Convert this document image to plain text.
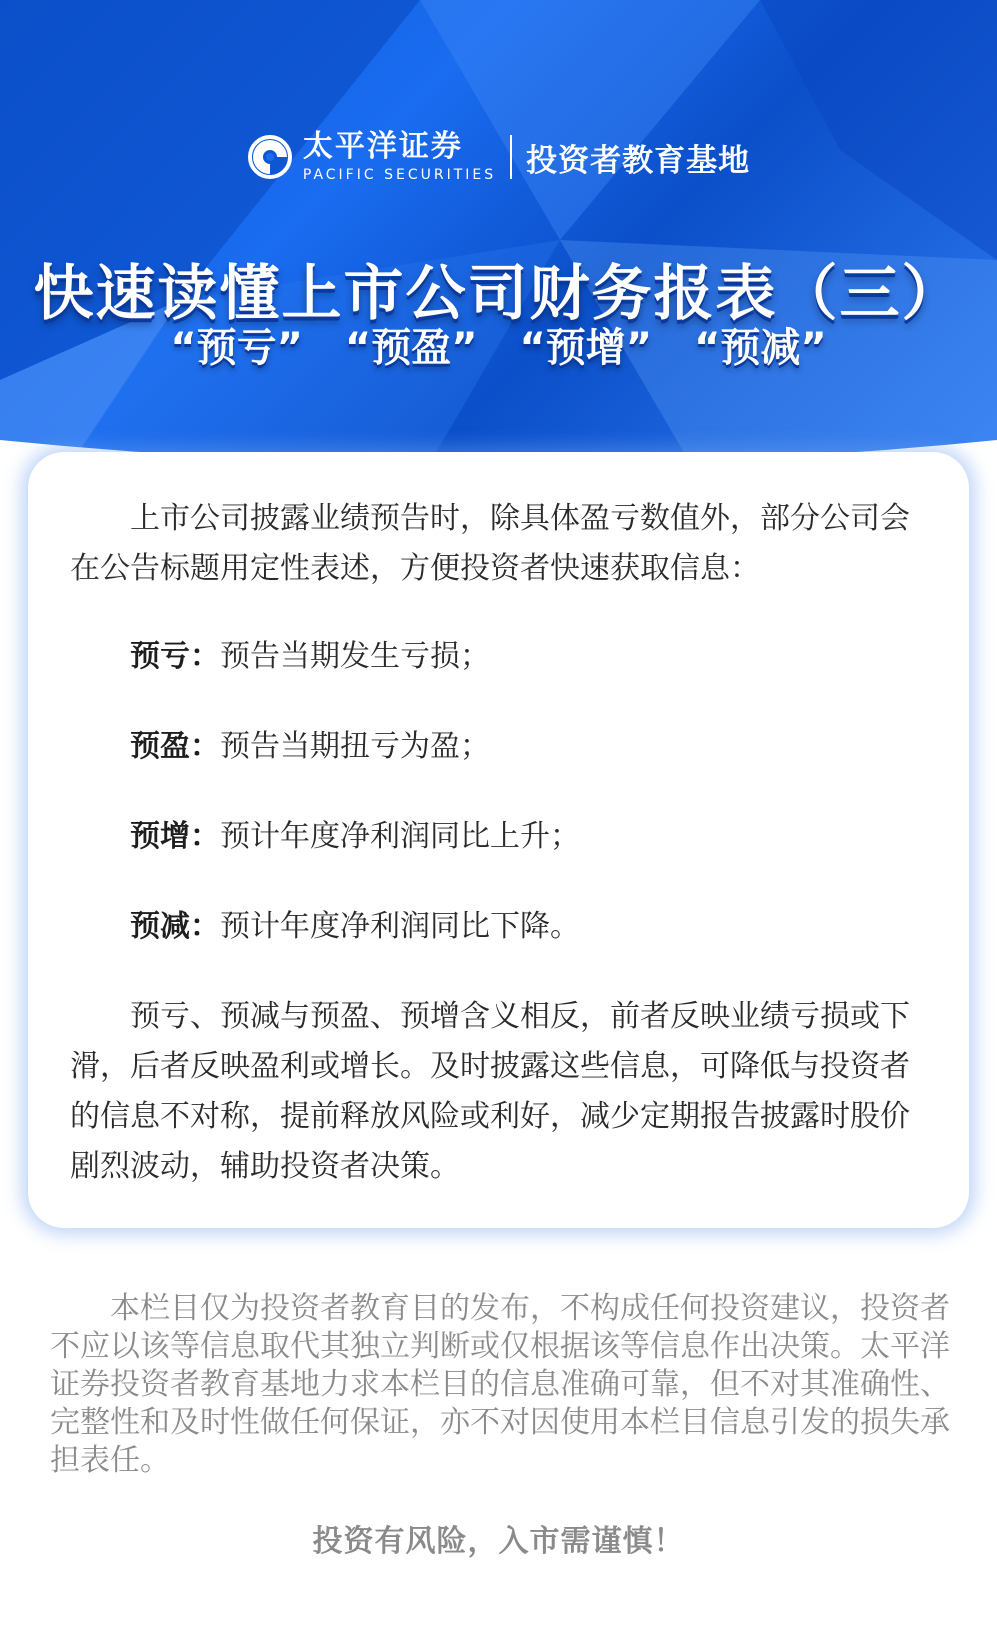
太平洋证券
PACIFIC SECURITIES 投资者教育基地
快速读懂上市公司财务报表（三）
“预亏” “预盈” “预增” “预减”

上市公司披露业绩预告时，除具体盈亏数值外，部分公司会在公告标题用定性表述，方便投资者快速获取信息：

预亏：预告当期发生亏损；

预盈：预告当期扭亏为盈；

预增：预计年度净利润同比上升；

预减：预计年度净利润同比下降。

预亏、预减与预盈、预增含义相反，前者反映业绩亏损或下滑，后者反映盈利或增长。及时披露这些信息，可降低与投资者的信息不对称，提前释放风险或利好，减少定期报告披露时股价剧烈波动，辅助投资者决策。

本栏目仅为投资者教育目的发布，不构成任何投资建议，投资者不应以该等信息取代其独立判断或仅根据该等信息作出决策。太平洋证券投资者教育基地力求本栏目的信息准确可靠，但不对其准确性、完整性和及时性做任何保证，亦不对因使用本栏目信息引发的损失承担表任。

投资有风险，入市需谨慎！
